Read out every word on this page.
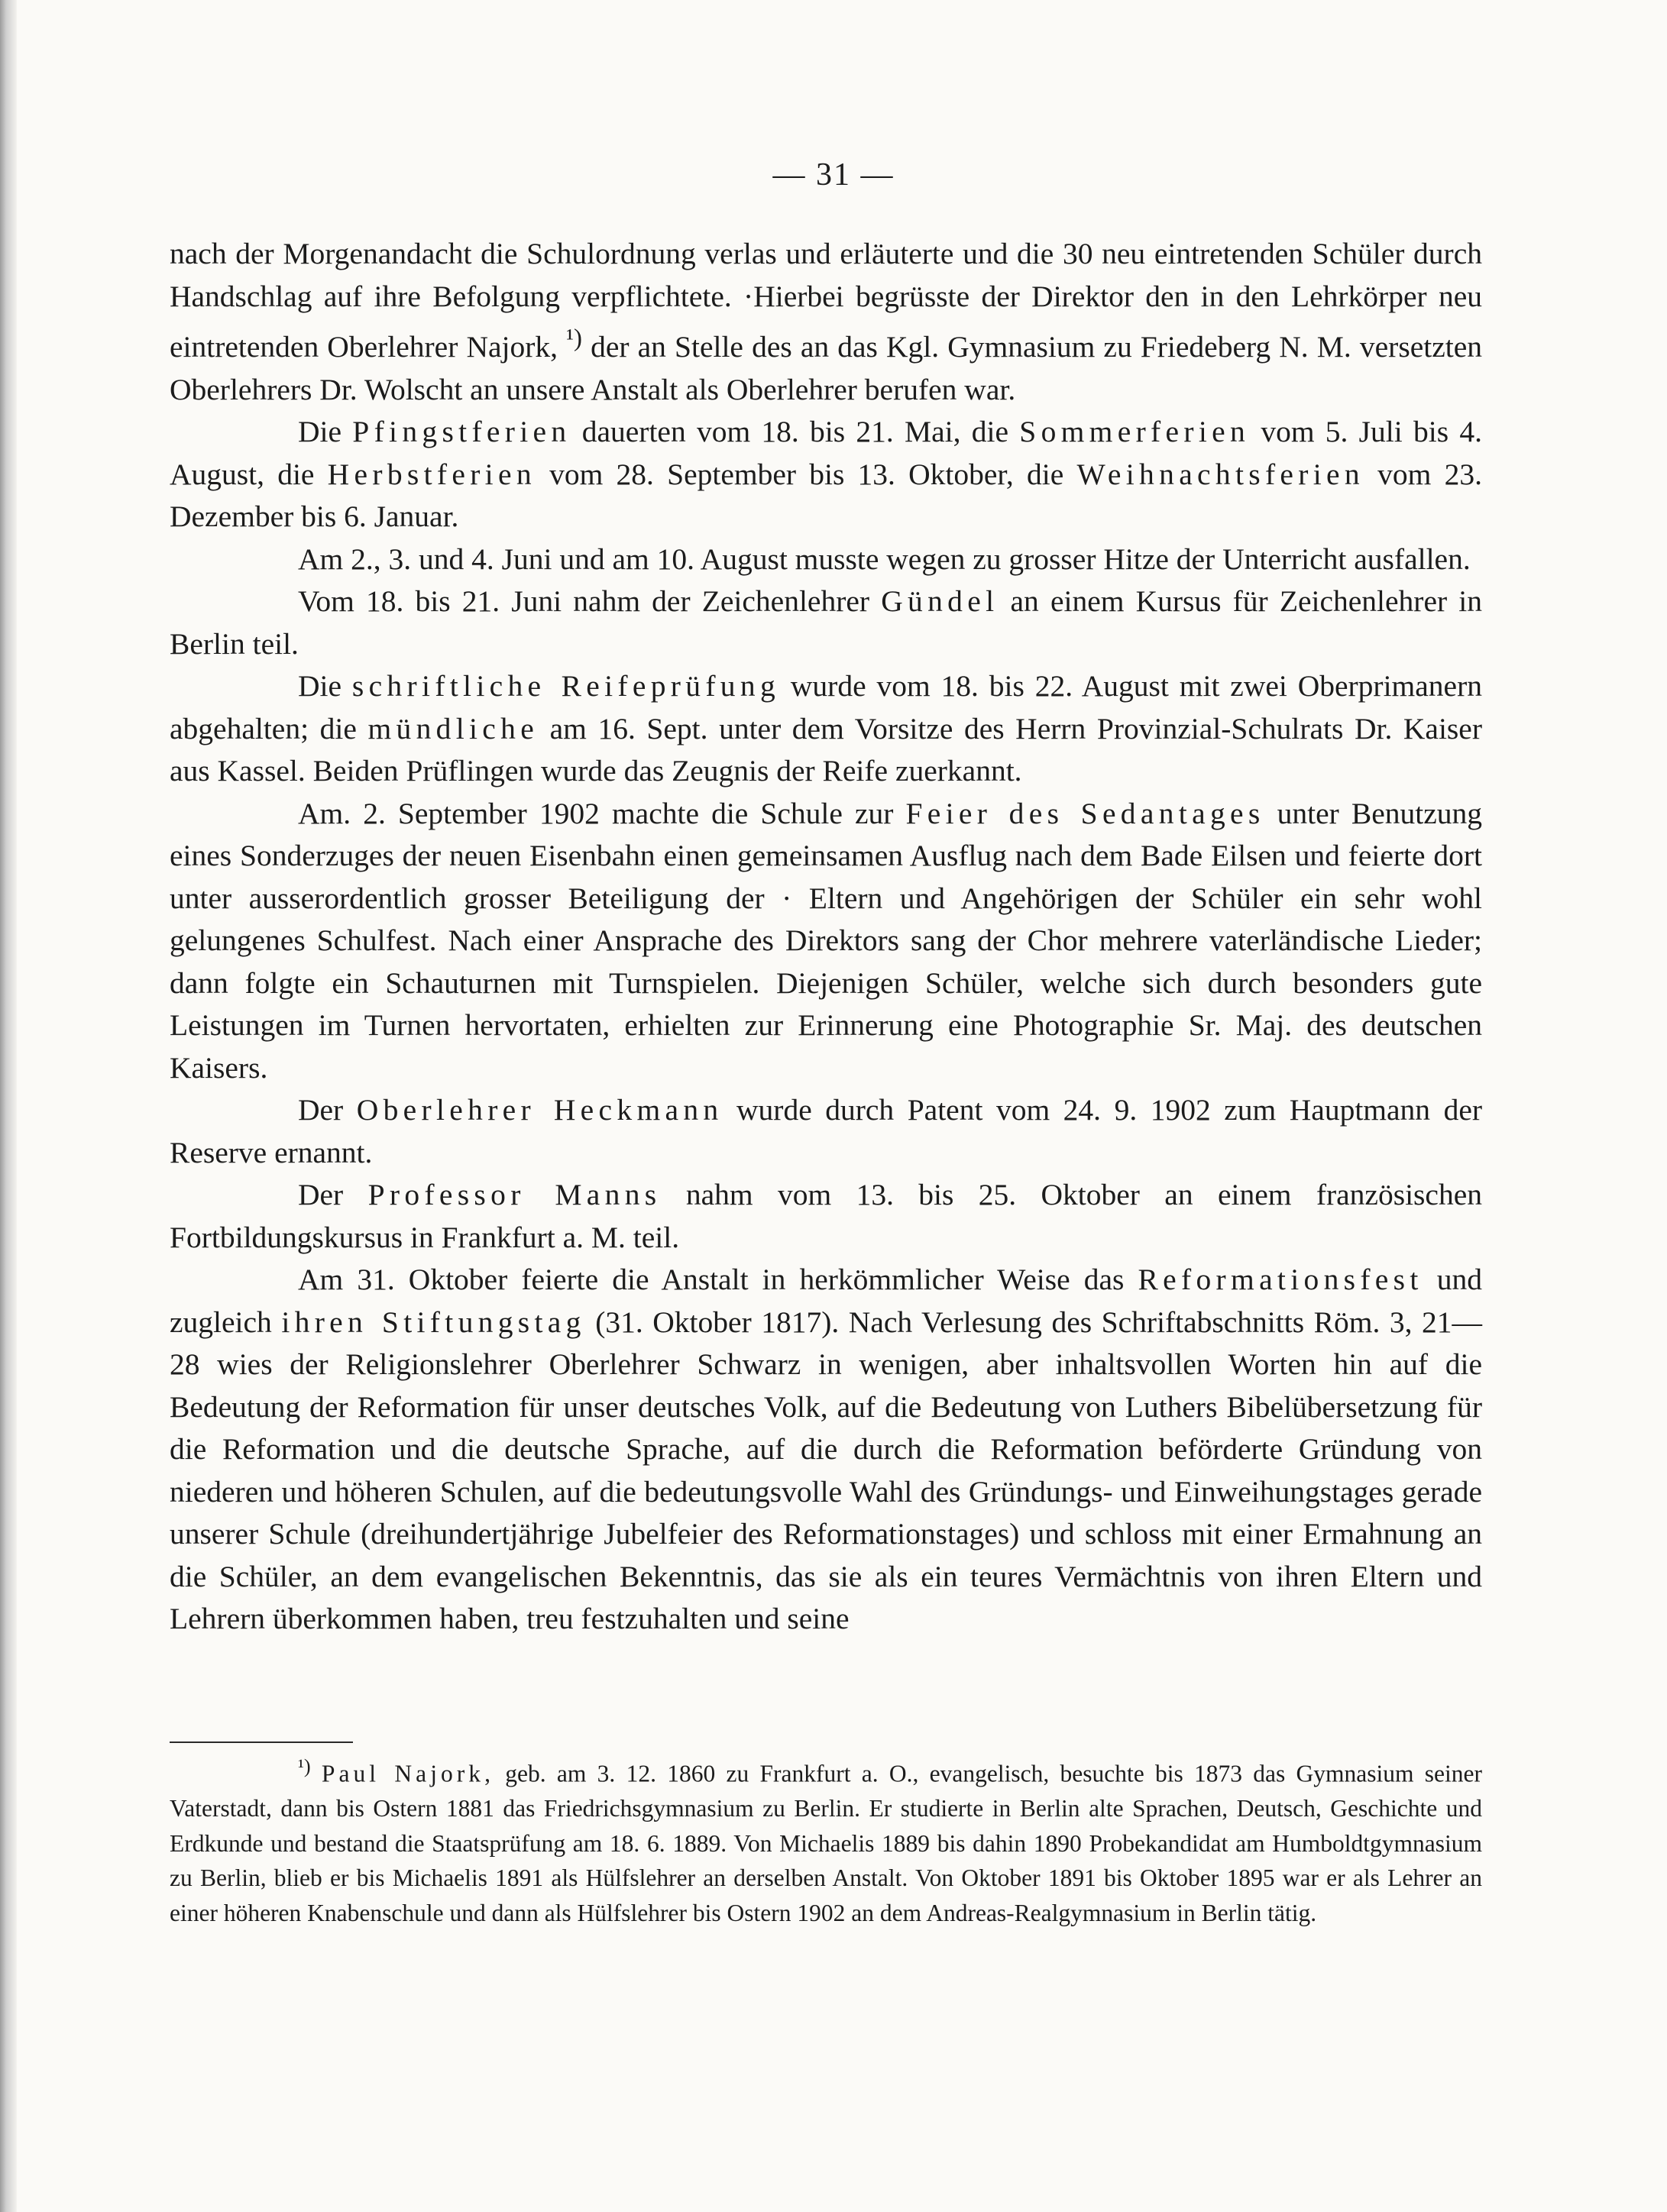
— 31 —

nach der Morgenandacht die Schulordnung verlas und erläuterte und die 30 neu eintretenden Schüler durch Handschlag auf ihre Befolgung verpflichtete. ·Hierbei begrüsste der Direktor den in den Lehrkörper neu eintretenden Oberlehrer Najork, $^{^1)}$ der an Stelle des an das Kgl. Gymnasium zu Friedeberg N. M. versetzten Oberlehrers Dr. Wolscht an unsere Anstalt als Oberlehrer berufen war.

Die Pfingstferien dauerten vom 18. bis 21. Mai, die Sommerferien vom 5. Juli bis 4. August, die Herbstferien vom 28. September bis 13. Oktober, die Weihnachtsferien vom 23. Dezember bis 6. Januar.

Am 2., 3. und 4. Juni und am 10. August musste wegen zu grosser Hitze der Unterricht ausfallen.

Vom 18. bis 21. Juni nahm der Zeichenlehrer Gündel an einem Kursus für Zeichenlehrer in Berlin teil.

Die schriftliche Reifeprüfung wurde vom 18. bis 22. August mit zwei Oberprimanern abgehalten; die mündliche am 16. Sept. unter dem Vorsitze des Herrn Provinzial-Schulrats Dr. Kaiser aus Kassel. Beiden Prüflingen wurde das Zeugnis der Reife zuerkannt.

Am. 2. September 1902 machte die Schule zur Feier des Sedantages unter Benutzung eines Sonderzuges der neuen Eisenbahn einen gemeinsamen Ausflug nach dem Bade Eilsen und feierte dort unter ausserordentlich grosser Beteiligung der · Eltern und Angehörigen der Schüler ein sehr wohl gelungenes Schulfest. Nach einer Ansprache des Direktors sang der Chor mehrere vaterländische Lieder; dann folgte ein Schauturnen mit Turnspielen. Diejenigen Schüler, welche sich durch besonders gute Leistungen im Turnen hervortaten, erhielten zur Erinnerung eine Photographie Sr. Maj. des deutschen Kaisers.

Der Oberlehrer Heckmann wurde durch Patent vom 24. 9. 1902 zum Hauptmann der Reserve ernannt.

Der Professor Manns nahm vom 13. bis 25. Oktober an einem französischen Fortbildungskursus in Frankfurt a. M. teil.

Am 31. Oktober feierte die Anstalt in herkömmlicher Weise das Reformationsfest und zugleich ihren Stiftungstag (31. Oktober 1817). Nach Verlesung des Schriftabschnitts Röm. 3, 21—28 wies der Religionslehrer Oberlehrer Schwarz in wenigen, aber inhaltsvollen Worten hin auf die Bedeutung der Reformation für unser deutsches Volk, auf die Bedeutung von Luthers Bibelübersetzung für die Reformation und die deutsche Sprache, auf die durch die Reformation beförderte Gründung von niederen und höheren Schulen, auf die bedeutungsvolle Wahl des Gründungs- und Einweihungstages gerade unserer Schule (dreihundertjährige Jubelfeier des Reformationstages) und schloss mit einer Ermahnung an die Schüler, an dem evangelischen Bekenntnis, das sie als ein teures Vermächtnis von ihren Eltern und Lehrern überkommen haben, treu festzuhalten und seine

$^{^1)}$ Paul Najork, geb. am 3. 12. 1860 zu Frankfurt a. O., evangelisch, besuchte bis 1873 das Gymnasium seiner Vaterstadt, dann bis Ostern 1881 das Friedrichsgymnasium zu Berlin. Er studierte in Berlin alte Sprachen, Deutsch, Geschichte und Erdkunde und bestand die Staatsprüfung am 18. 6. 1889. Von Michaelis 1889 bis dahin 1890 Probekandidat am Humboldtgymnasium zu Berlin, blieb er bis Michaelis 1891 als Hülfslehrer an derselben Anstalt. Von Oktober 1891 bis Oktober 1895 war er als Lehrer an einer höheren Knabenschule und dann als Hülfslehrer bis Ostern 1902 an dem Andreas-Realgymnasium in Berlin tätig.
